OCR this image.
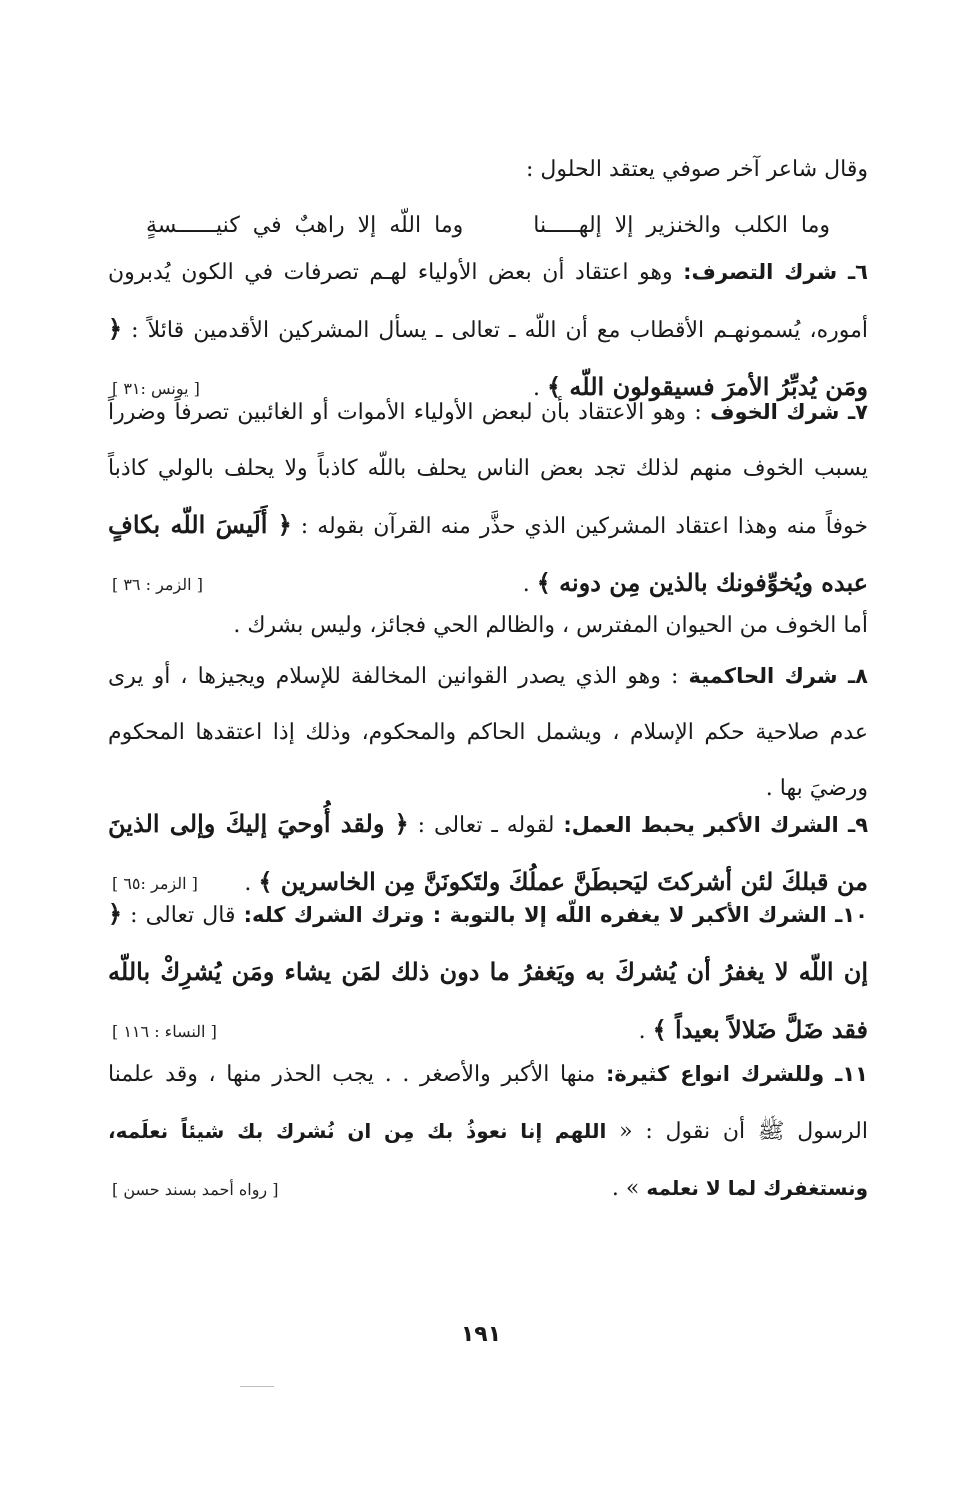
وقال شاعر آخر صوفي يعتقد الحلول :

وما الكلب والخنزير إلا إلهـــــنا  وما اللّه إلا راهبٌ في كنيــــــسةٍ

٦ـ شرك التصرف: وهو اعتقاد أن بعض الأولياء لهـم تصرفات في الكون يُدبرون أموره، يُسمونهـم الأقطاب مع أن اللّه ـ تعالى ـ يسأل المشركين الأقدمين قائلاً : ﴿ ومَن يُدبِّرُ الأمرَ فسيقولون اللّه ﴾ .
[ يونس :٣١ ]

٧ـ شرك الخوف : وهو الاعتقاد بأن لبعض الأولياء الأموات أو الغائبين تصرفاً وضرراً يسبب الخوف منهم لذلك تجد بعض الناس يحلف باللّه كاذباً ولا يحلف بالولي كاذباً خوفاً منه وهذا اعتقاد المشركين الذي حذَّر منه القرآن بقوله : ﴿ أَلَيسَ اللّه بكافٍ عبده ويُخوِّفونك بالذين مِن دونه ﴾ .
[ الزمر : ٣٦ ]

أما الخوف من الحيوان المفترس ، والظالم الحي فجائز، وليس بشرك .

٨ـ شرك الحاكمية : وهو الذي يصدر القوانين المخالفة للإسلام ويجيزها ، أو يرى عدم صلاحية حكم الإسلام ، ويشمل الحاكم والمحكوم، وذلك إذا اعتقدها المحكوم ورضيَ بها .

٩ـ الشرك الأكبر يحبط العمل: لقوله ـ تعالى : ﴿ ولقد أُوحيَ إليكَ وإلى الذينَ من قبلكَ لئن أشركتَ ليَحبطَنَّ عملُكَ ولتَكونَنَّ مِن الخاسرين ﴾ .
[ الزمر :٦٥ ]

١٠ـ الشرك الأكبر لا يغفره اللّه إلا بالتوبة : وترك الشرك كله: قال تعالى : ﴿ إن اللّه لا يغفرُ أن يُشركَ به ويَغفرُ ما دون ذلك لمَن يشاء ومَن يُشرِكْ باللّه فقد ضَلَّ ضَلالاً بعيداً ﴾ .
[ النساء : ١١٦ ]

١١ـ وللشرك انواع كثيرة: منها الأكبر والأصغر . . يجب الحذر منها ، وقد علمنا الرسول ﷺ أن نقول : « اللهم إنا نعوذُ بك مِن ان نُشرك بك شيئاً نعلَمه، ونستغفرك لما لا نعلمه » .
[ رواه أحمد بسند حسن ]

١٩١
